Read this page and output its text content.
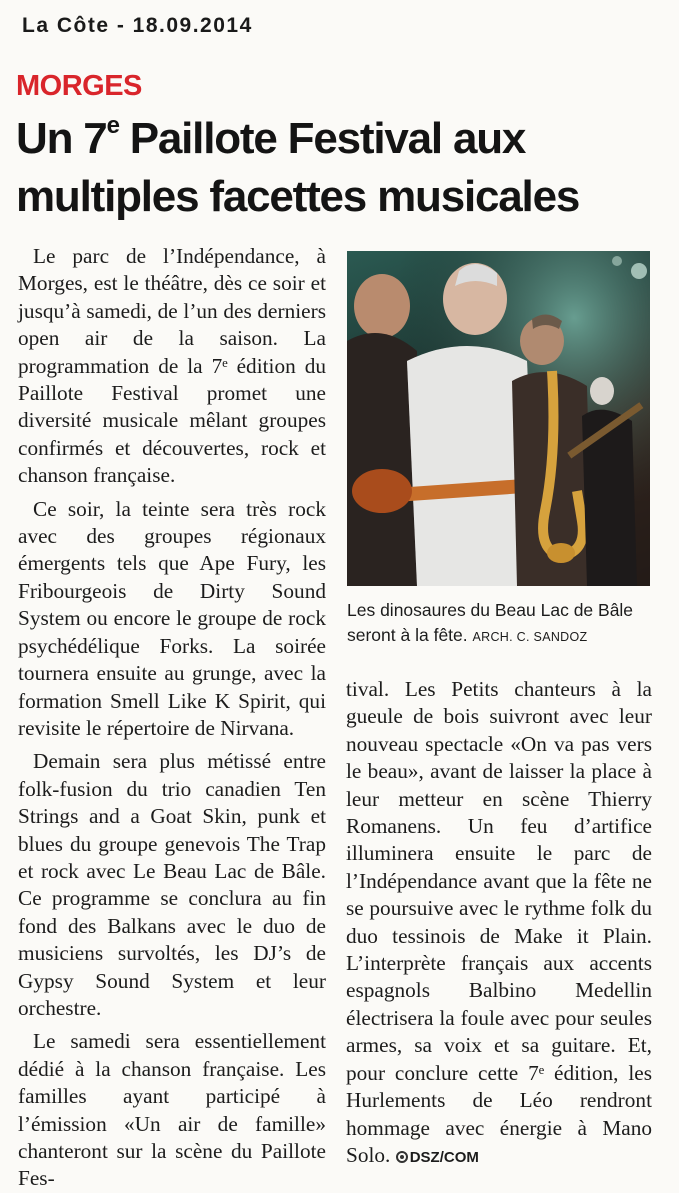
La Côte - 18.09.2014
MORGES
Un 7e Paillote Festival aux multiples facettes musicales

Le parc de l’Indépendance, à Morges, est le théâtre, dès ce soir et jusqu’à samedi, de l’un des derniers open air de la saison. La programmation de la 7ᵉ édition du Paillote Festival promet une diversité musicale mêlant groupes confirmés et découvertes, rock et chanson française.

Ce soir, la teinte sera très rock avec des groupes régionaux émergents tels que Ape Fury, les Fribourgeois de Dirty Sound System ou encore le groupe de rock psychédélique Forks. La soirée tournera ensuite au grunge, avec la formation Smell Like K Spirit, qui revisite le répertoire de Nirvana.

Demain sera plus métissé entre folk-fusion du trio canadien Ten Strings and a Goat Skin, punk et blues du groupe genevois The Trap et rock avec Le Beau Lac de Bâle. Ce programme se conclura au fin fond des Balkans avec le duo de musiciens survoltés, les DJ’s de Gypsy Sound System et leur orchestre.

Le samedi sera essentiellement dédié à la chanson française. Les familles ayant participé à l’émission «Un air de famille» chanteront sur la scène du Paillote Fes-

Les dinosaures du Beau Lac de Bâle seront à la fête. ARCH. C. SANDOZ

tival. Les Petits chanteurs à la gueule de bois suivront avec leur nouveau spectacle «On va pas vers le beau», avant de laisser la place à leur metteur en scène Thierry Romanens. Un feu d’artifice illuminera ensuite le parc de l’Indépendance avant que la fête ne se poursuive avec le rythme folk du duo tessinois de Make it Plain. L’interprète français aux accents espagnols Balbino Medellin électrisera la foule avec pour seules armes, sa voix et sa guitare. Et, pour conclure cette 7ᵉ édition, les Hurlements de Léo rendront hommage avec énergie à Mano Solo. DSZ/COM
